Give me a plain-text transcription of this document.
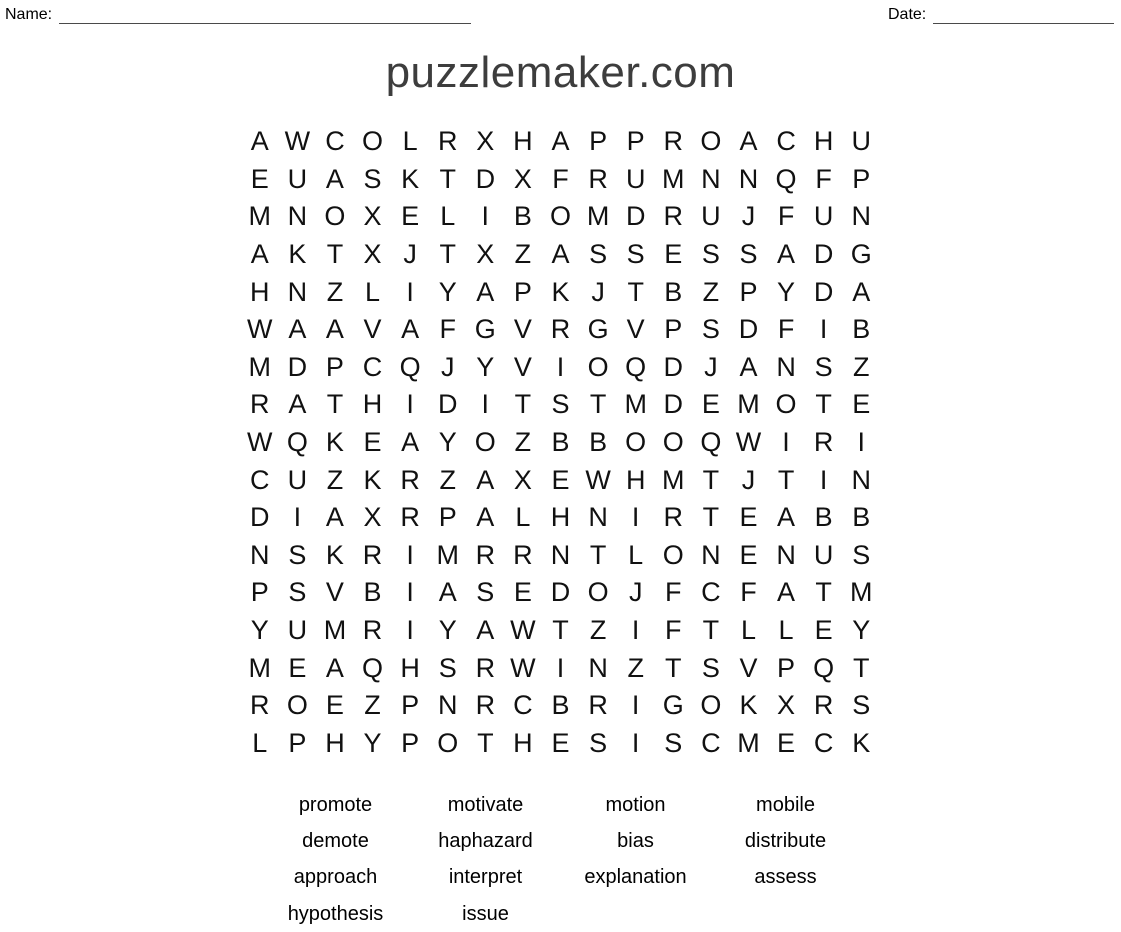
Name:	Date:
puzzlemaker.com
A W C O L R X H A P P R O A C H U
E U A S K T D X F R U M N N Q F P
M N O X E L I B O M D R U J F U N
A K T X J T X Z A S S E S S A D G
H N Z L I Y A P K J T B Z P Y D A
W A A V A F G V R G V P S D F I B
M D P C Q J Y V I O Q D J A N S Z
R A T H I D I T S T M D E M O T E
W Q K E A Y O Z B B O O Q W I R I
C U Z K R Z A X E W H M T J T I N
D I A X R P A L H N I R T E A B B
N S K R I M R R N T L O N E N U S
P S V B I A S E D O J F C F A T M
Y U M R I Y A W T Z I F T L L E Y
M E A Q H S R W I N Z T S V P Q T
R O E Z P N R C B R I G O K X R S
L P H Y P O T H E S I S C M E C K
promote	motivate	motion	mobile
demote	haphazard	bias	distribute
approach	interpret	explanation	assess
hypothesis	issue
